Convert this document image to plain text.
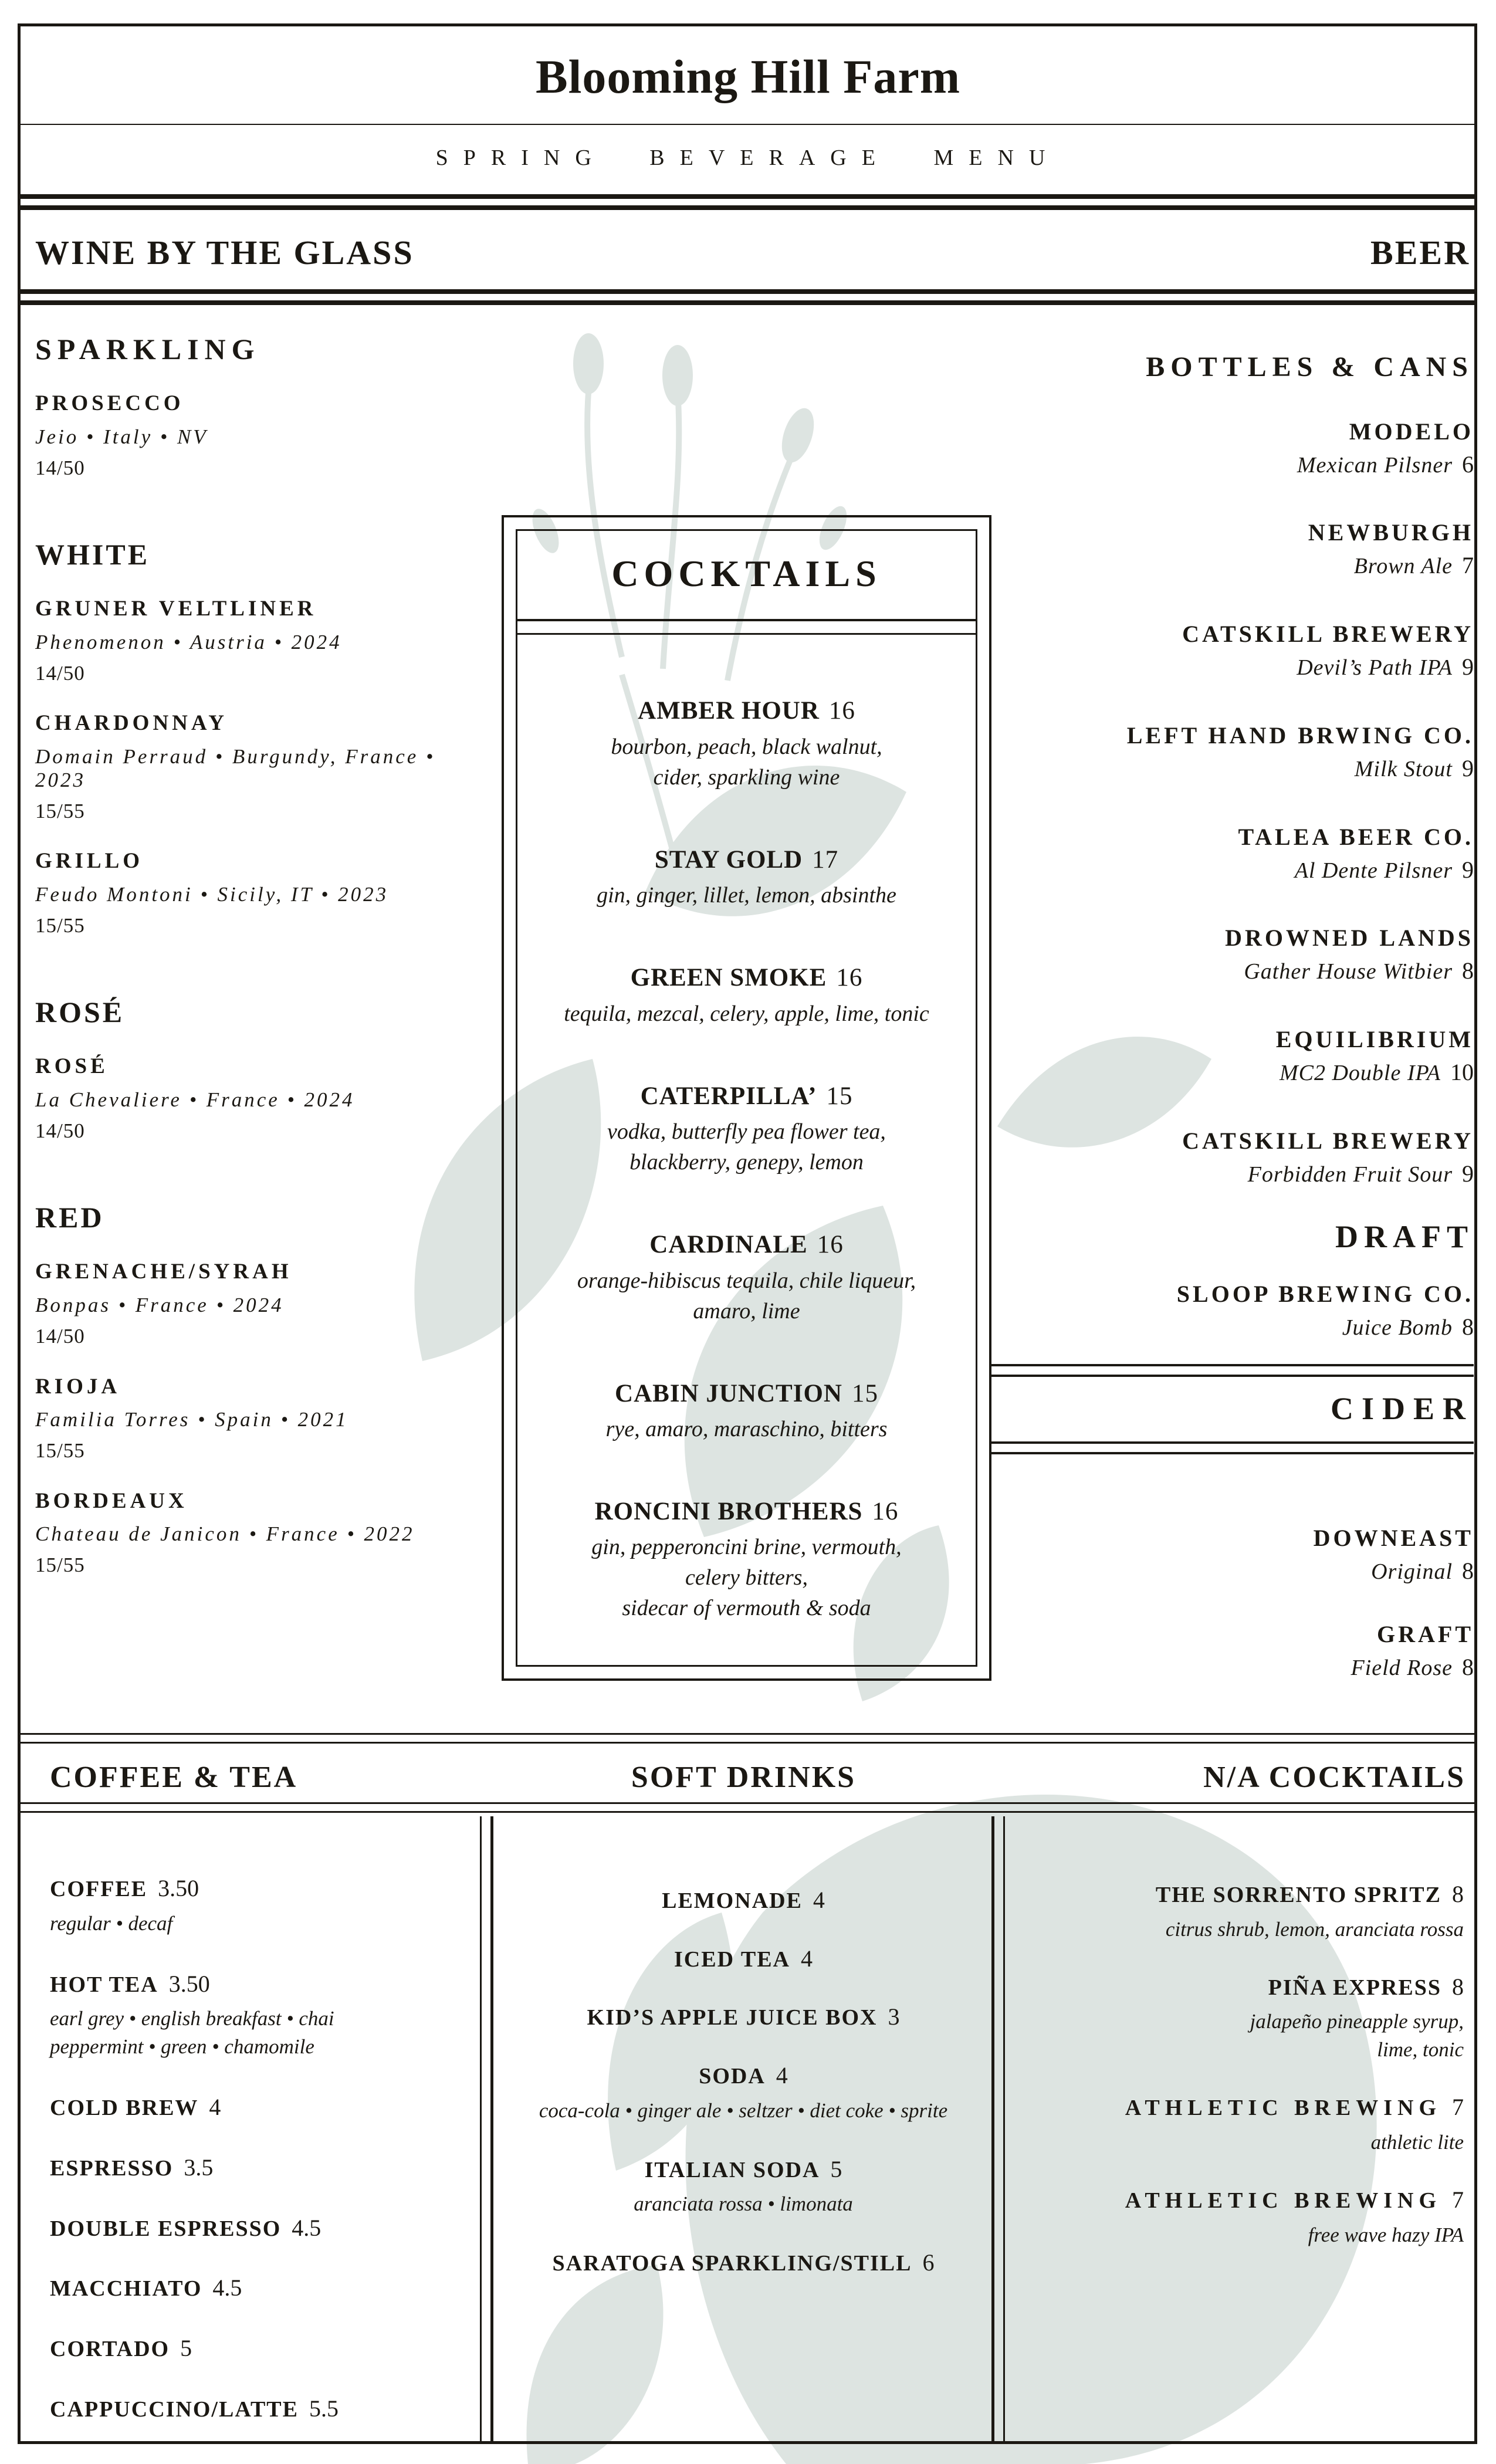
Blooming Hill Farm
SPRING BEVERAGE MENU
WINE BY THE GLASS	BEER
SPARKLING
PROSECCO
Jeio • Italy • NV
14/50
WHITE
GRUNER VELTLINER
Phenomenon • Austria • 2024
14/50
CHARDONNAY
Domain Perraud • Burgundy, France • 2023
15/55
GRILLO
Feudo Montoni • Sicily, IT • 2023
15/55
ROSÉ
ROSÉ
La Chevaliere • France • 2024
14/50
RED
GRENACHE/SYRAH
Bonpas • France • 2024
14/50
RIOJA
Familia Torres • Spain • 2021
15/55
BORDEAUX
Chateau de Janicon • France • 2022
15/55
COCKTAILS
AMBER HOUR 16
bourbon, peach, black walnut,
cider, sparkling wine
STAY GOLD 17
gin, ginger, lillet, lemon, absinthe
GREEN SMOKE 16
tequila, mezcal, celery, apple, lime, tonic
CATERPILLA’ 15
vodka, butterfly pea flower tea,
blackberry, genepy, lemon
CARDINALE 16
orange-hibiscus tequila, chile liqueur,
amaro, lime
CABIN JUNCTION 15
rye, amaro, maraschino, bitters
RONCINI BROTHERS 16
gin, pepperoncini brine, vermouth,
celery bitters,
sidecar of vermouth & soda
BOTTLES & CANS
MODELO
Mexican Pilsner 6
NEWBURGH
Brown Ale 7
CATSKILL BREWERY
Devil’s Path IPA 9
LEFT HAND BRWING CO.
Milk Stout 9
TALEA BEER CO.
Al Dente Pilsner 9
DROWNED LANDS
Gather House Witbier 8
EQUILIBRIUM
MC2 Double IPA 10
CATSKILL BREWERY
Forbidden Fruit Sour 9
DRAFT
SLOOP BREWING CO.
Juice Bomb 8
CIDER
DOWNEAST
Original 8
GRAFT
Field Rose 8
COFFEE & TEA	SOFT DRINKS	N/A COCKTAILS
COFFEE 3.50
regular • decaf
HOT TEA 3.50
earl grey • english breakfast • chai
peppermint • green • chamomile
COLD BREW 4
ESPRESSO 3.5
DOUBLE ESPRESSO 4.5
MACCHIATO 4.5
CORTADO 5
CAPPUCCINO/LATTE 5.5
LEMONADE 4
ICED TEA 4
KID’S APPLE JUICE BOX 3
SODA 4
coca-cola • ginger ale • seltzer • diet coke • sprite
ITALIAN SODA 5
aranciata rossa • limonata
SARATOGA SPARKLING/STILL 6
THE SORRENTO SPRITZ 8
citrus shrub, lemon, aranciata rossa
PIÑA EXPRESS 8
jalapeño pineapple syrup,
lime, tonic
ATHLETIC BREWING 7
athletic lite
ATHLETIC BREWING 7
free wave hazy IPA
